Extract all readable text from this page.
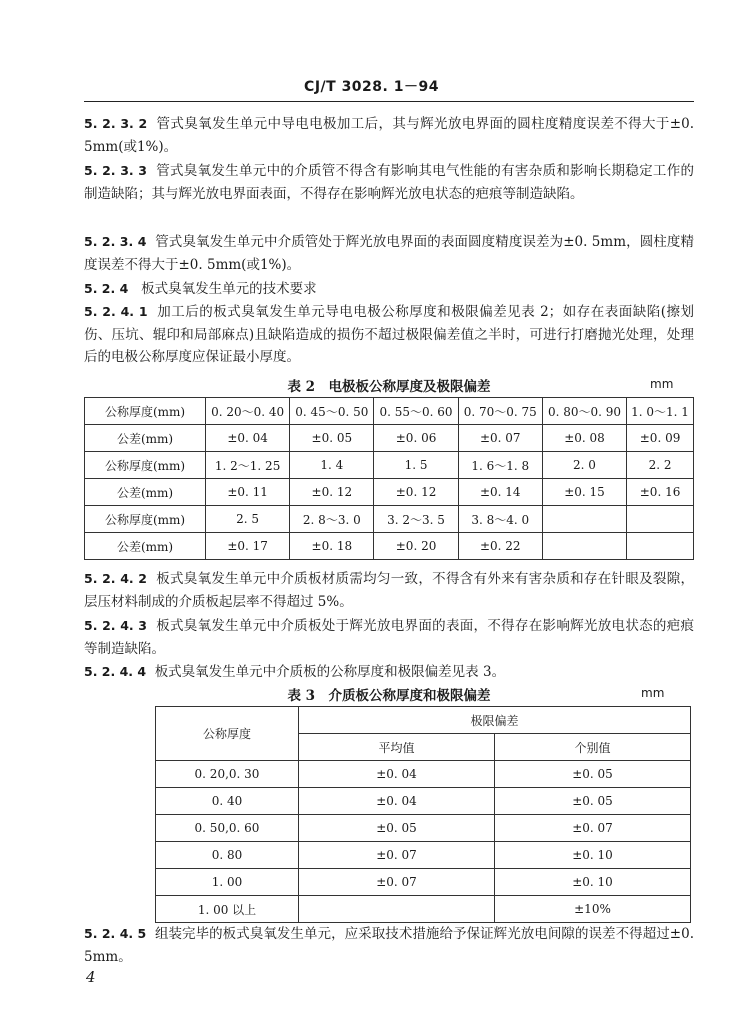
CJ/T 3028. 1－94
5. 2. 3. 2 管式臭氧发生单元中导电电极加工后，其与辉光放电界面的圆柱度精度误差不得大于±0. 5mm(或1%)。
5. 2. 3. 3 管式臭氧发生单元中的介质管不得含有影响其电气性能的有害杂质和影响长期稳定工作的制造缺陷；其与辉光放电界面表面，不得存在影响辉光放电状态的疤痕等制造缺陷。
5. 2. 3. 4 管式臭氧发生单元中介质管处于辉光放电界面的表面圆度精度误差为±0. 5mm，圆柱度精度误差不得大于±0. 5mm(或1%)。
5. 2. 4 板式臭氧发生单元的技术要求
5. 2. 4. 1 加工后的板式臭氧发生单元导电电极公称厚度和极限偏差见表 2；如存在表面缺陷(擦划伤、压坑、辊印和局部麻点)且缺陷造成的损伤不超过极限偏差值之半时，可进行打磨抛光处理，处理后的电极公称厚度应保证最小厚度。
表 2　电极板公称厚度及极限偏差	mm
公称厚度(mm)	0. 20～0. 40	0. 45～0. 50	0. 55～0. 60	0. 70～0. 75	0. 80～0. 90	1. 0～1. 1
公差(mm)	±0. 04	±0. 05	±0. 06	±0. 07	±0. 08	±0. 09
公称厚度(mm)	1. 2～1. 25	1. 4	1. 5	1. 6～1. 8	2. 0	2. 2
公差(mm)	±0. 11	±0. 12	±0. 12	±0. 14	±0. 15	±0. 16
公称厚度(mm)	2. 5	2. 8～3. 0	3. 2～3. 5	3. 8～4. 0		
公差(mm)	±0. 17	±0. 18	±0. 20	±0. 22		
5. 2. 4. 2 板式臭氧发生单元中介质板材质需均匀一致，不得含有外来有害杂质和存在针眼及裂隙，层压材料制成的介质板起层率不得超过 5%。
5. 2. 4. 3 板式臭氧发生单元中介质板处于辉光放电界面的表面，不得存在影响辉光放电状态的疤痕等制造缺陷。
5. 2. 4. 4 板式臭氧发生单元中介质板的公称厚度和极限偏差见表 3。
表 3　介质板公称厚度和极限偏差	mm
公称厚度	极限偏差	
	平均值	个别值
0. 20,0. 30	±0. 04	±0. 05
0. 40	±0. 04	±0. 05
0. 50,0. 60	±0. 05	±0. 07
0. 80	±0. 07	±0. 10
1. 00	±0. 07	±0. 10
1. 00 以上		±10%
5. 2. 4. 5 组装完毕的板式臭氧发生单元，应采取技术措施给予保证辉光放电间隙的误差不得超过±0. 5mm。
4
